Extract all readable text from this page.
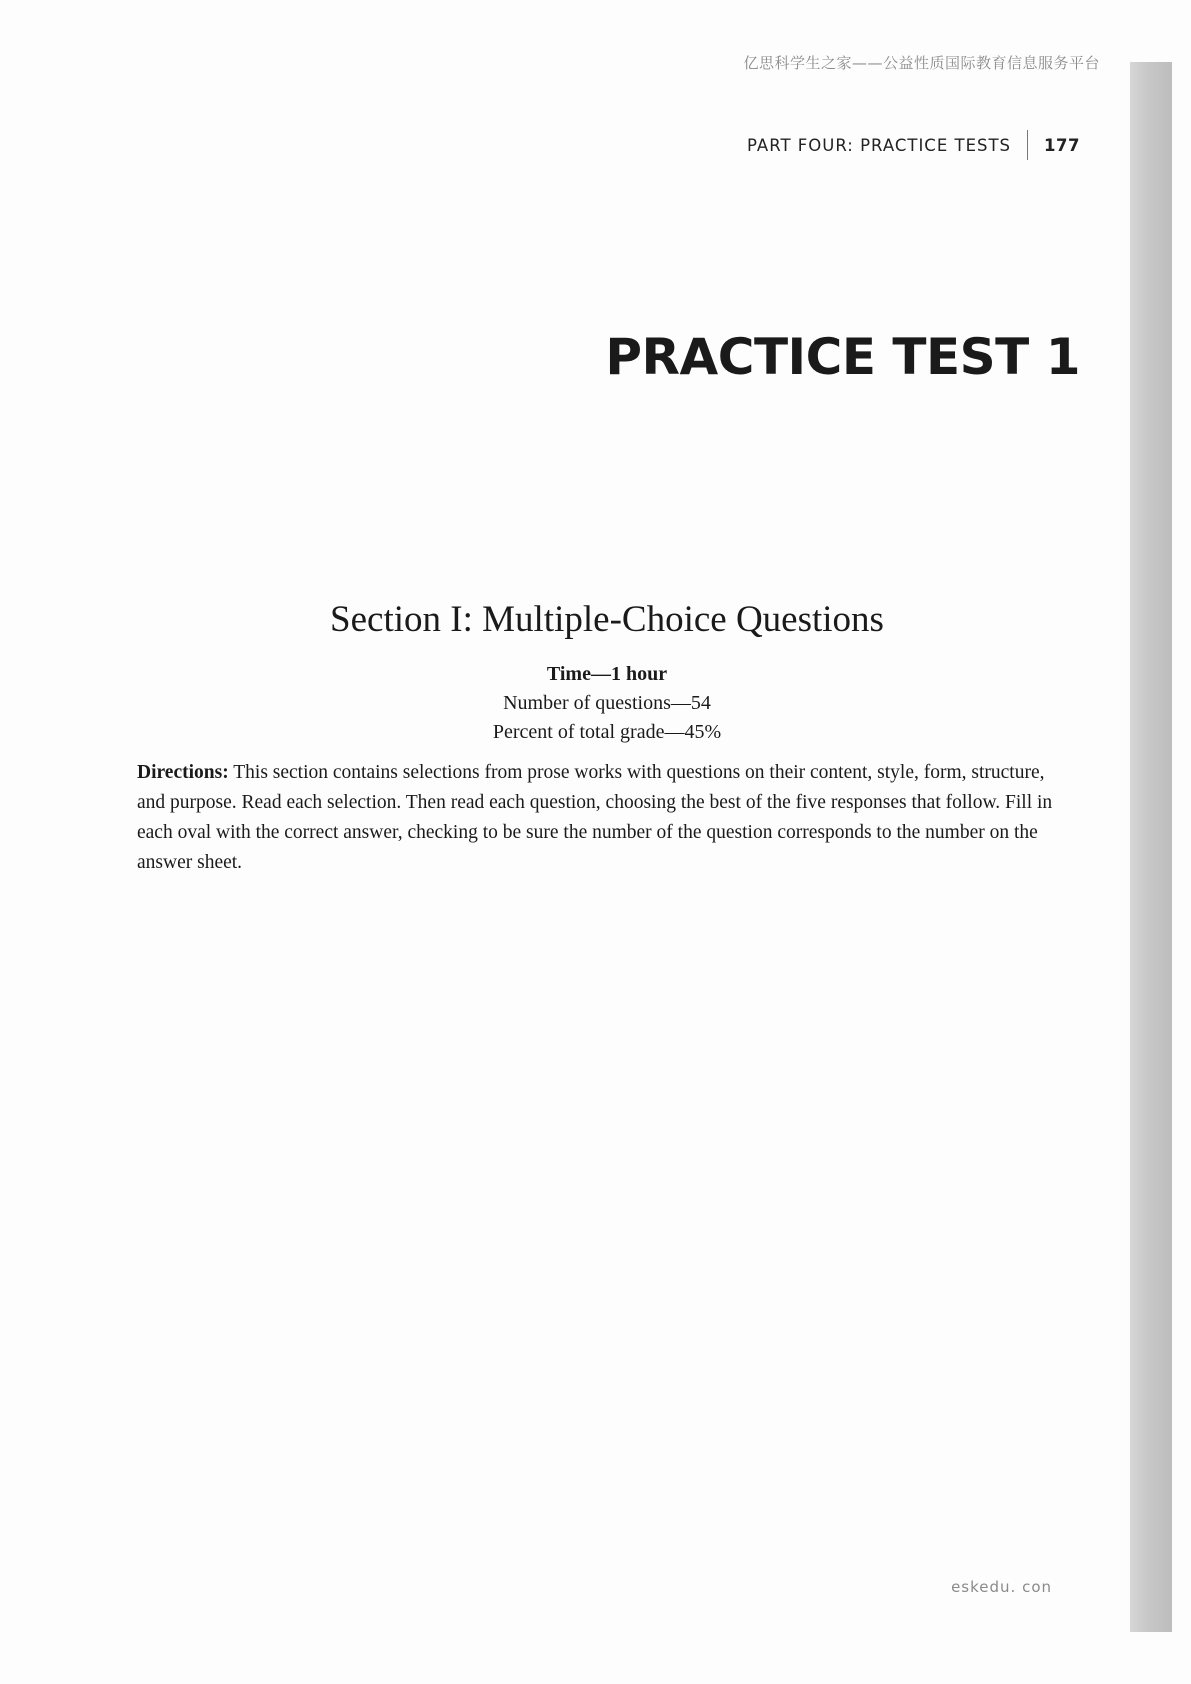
亿思科学生之家——公益性质国际教育信息服务平台
PART FOUR: PRACTICE TESTS	177
PRACTICE TEST 1
Section I: Multiple-Choice Questions
Time—1 hour
Number of questions—54
Percent of total grade—45%
Directions: This section contains selections from prose works with questions on their content, style, form, structure, and purpose. Read each selection. Then read each question, choosing the best of the five responses that follow. Fill in each oval with the correct answer, checking to be sure the number of the question corresponds to the number on the answer sheet.
eskedu. con
